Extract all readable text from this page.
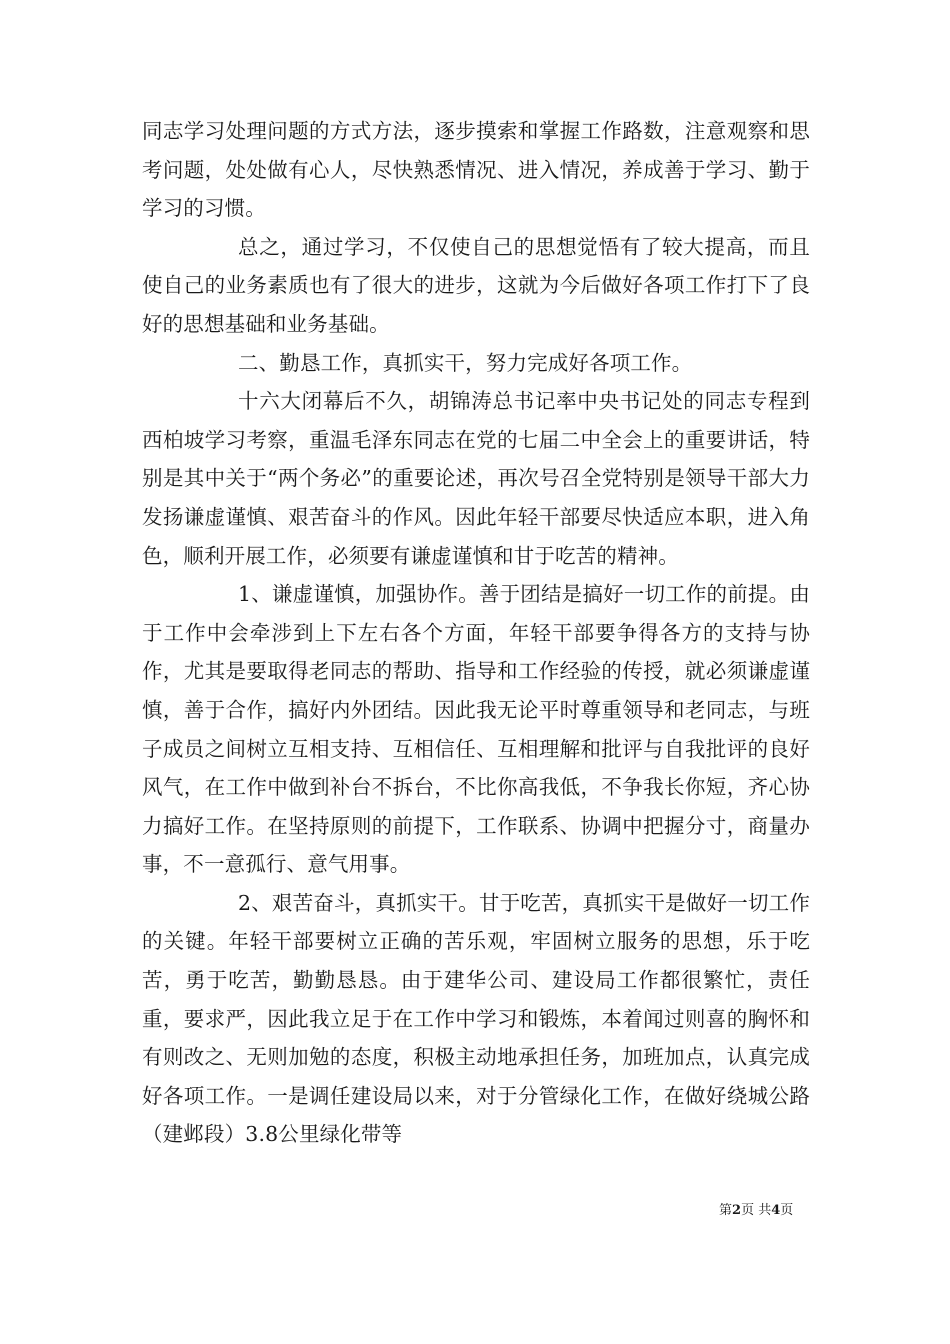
同志学习处理问题的方式方法，逐步摸索和掌握工作路数，注意观察和思考问题，处处做有心人，尽快熟悉情况、进入情况，养成善于学习、勤于学习的习惯。

总之，通过学习，不仅使自己的思想觉悟有了较大提高，而且使自己的业务素质也有了很大的进步，这就为今后做好各项工作打下了良好的思想基础和业务基础。

二、勤恳工作，真抓实干，努力完成好各项工作。

十六大闭幕后不久，胡锦涛总书记率中央书记处的同志专程到西柏坡学习考察，重温毛泽东同志在党的七届二中全会上的重要讲话，特别是其中关于“两个务必”的重要论述，再次号召全党特别是领导干部大力发扬谦虚谨慎、艰苦奋斗的作风。因此年轻干部要尽快适应本职，进入角色，顺利开展工作，必须要有谦虚谨慎和甘于吃苦的精神。

1、谦虚谨慎，加强协作。善于团结是搞好一切工作的前提。由于工作中会牵涉到上下左右各个方面，年轻干部要争得各方的支持与协作，尤其是要取得老同志的帮助、指导和工作经验的传授，就必须谦虚谨慎，善于合作，搞好内外团结。因此我无论平时尊重领导和老同志，与班子成员之间树立互相支持、互相信任、互相理解和批评与自我批评的良好风气，在工作中做到补台不拆台，不比你高我低，不争我长你短，齐心协力搞好工作。在坚持原则的前提下，工作联系、协调中把握分寸，商量办事，不一意孤行、意气用事。

2、艰苦奋斗，真抓实干。甘于吃苦，真抓实干是做好一切工作的关键。年轻干部要树立正确的苦乐观，牢固树立服务的思想，乐于吃苦，勇于吃苦，勤勤恳恳。由于建华公司、建设局工作都很繁忙，责任重，要求严，因此我立足于在工作中学习和锻炼，本着闻过则喜的胸怀和有则改之、无则加勉的态度，积极主动地承担任务，加班加点，认真完成好各项工作。一是调任建设局以来，对于分管绿化工作，在做好绕城公路（建邺段）3.8公里绿化带等

第2页 共4页
